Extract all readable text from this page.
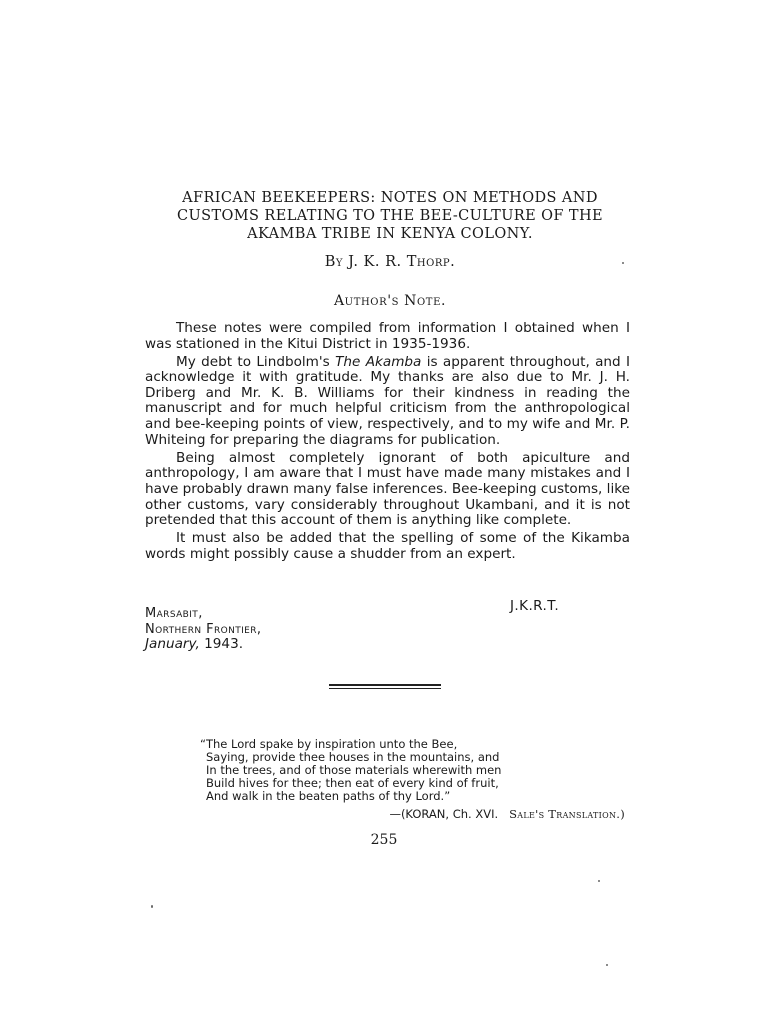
AFRICAN BEEKEEPERS: NOTES ON METHODS AND
CUSTOMS RELATING TO THE BEE-CULTURE OF THE
AKAMBA TRIBE IN KENYA COLONY.
By J. K. R. Thorp.
Author's Note.

These notes were compiled from information I obtained when I was stationed in the Kitui District in 1935-1936.

My debt to Lindbolm's The Akamba is apparent throughout, and I acknowledge it with gratitude. My thanks are also due to Mr. J. H. Driberg and Mr. K. B. Williams for their kindness in reading the manuscript and for much helpful criticism from the anthropological and bee-keeping points of view, respectively, and to my wife and Mr. P. Whiteing for preparing the diagrams for publication.

Being almost completely ignorant of both apiculture and anthropology, I am aware that I must have made many mistakes and I have probably drawn many false inferences. Bee-keeping customs, like other customs, vary considerably throughout Ukambani, and it is not pretended that this account of them is anything like complete.

It must also be added that the spelling of some of the Kikamba words might possibly cause a shudder from an expert.

J.K.R.T.
Marsabit,
Northern Frontier,
January, 1943.
“The Lord spake by inspiration unto the Bee,
Saying, provide thee houses in the mountains, and
In the trees, and of those materials wherewith men
Build hives for thee; then eat of every kind of fruit,
And walk in the beaten paths of thy Lord.”
—(KORAN, Ch. XVI. Sale's Translation.)
255
